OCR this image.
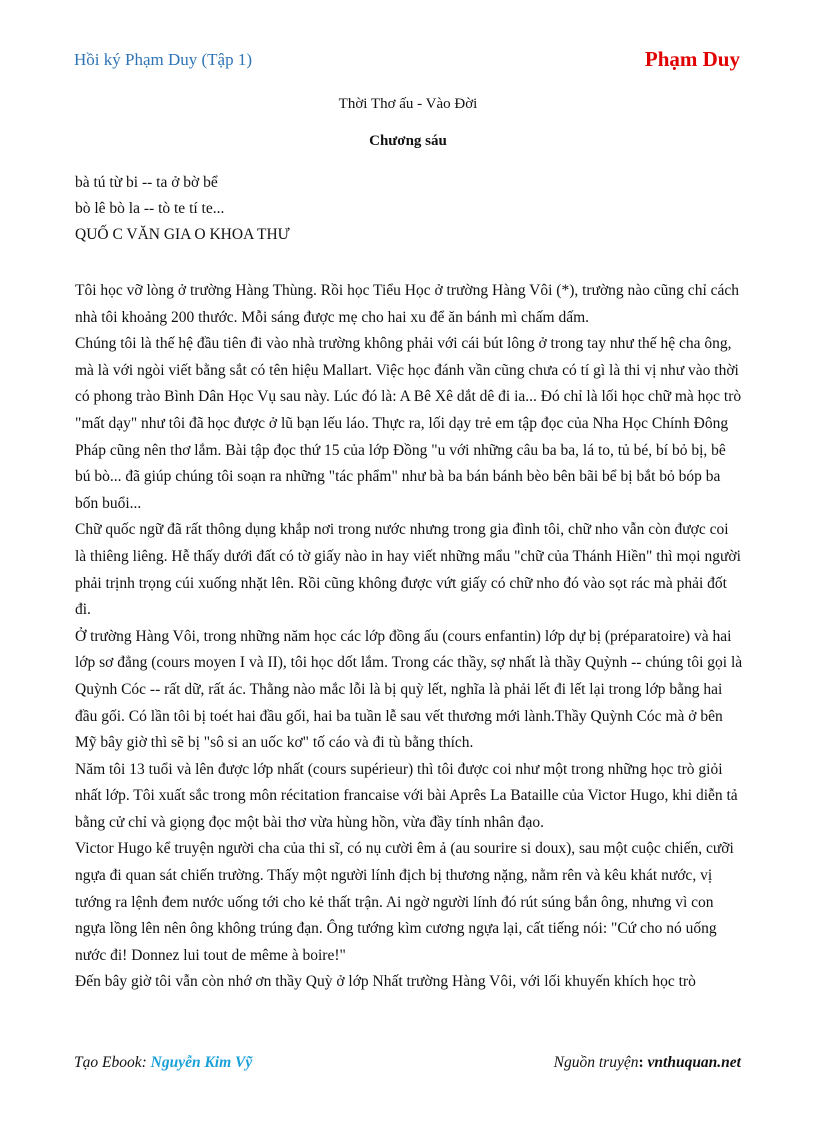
Hồi ký Phạm Duy (Tập 1)	Phạm Duy
Thời Thơ ấu - Vào Đời
Chương sáu
bà tú từ bi -- ta ở bờ bể
bò lê bò la -- tò te tí te...
QUỐ C VĂN GIA O KHOA THƯ

Tôi học vỡ lòng ở trường Hàng Thùng. Rồi học Tiểu Học ở trường Hàng Vôi (*), trường nào cũng chỉ cách nhà tôi khoảng 200 thước. Mỗi sáng được mẹ cho hai xu để ăn bánh mì chấm dấm.

Chúng tôi là thế hệ đầu tiên đi vào nhà trường không phải với cái bút lông ở trong tay như thế hệ cha ông, mà là với ngòi viết bằng sắt có tên hiệu Mallart. Việc học đánh vần cũng chưa có tí gì là thi vị như vào thời có phong trào Bình Dân Học Vụ sau này. Lúc đó là: A Bê Xê dắt dê đi ia... Đó chỉ là lối học chữ mà học trò "mất dạy" như tôi đã học được ở lũ bạn lếu láo. Thực ra, lối dạy trẻ em tập đọc của Nha Học Chính Đông Pháp cũng nên thơ lắm. Bài tập đọc thứ 15 của lớp Đồng "u với những câu ba ba, lá to, tủ bé, bí bỏ bị, bê bú bò... đã giúp chúng tôi soạn ra những "tác phẩm" như bà ba bán bánh bèo bên bãi bể bị bắt bỏ bóp ba bốn buổi...

Chữ quốc ngữ đã rất thông dụng khắp nơi trong nước nhưng trong gia đình tôi, chữ nho vẫn còn được coi là thiêng liêng. Hễ thấy dưới đất có tờ giấy nào in hay viết những mẩu "chữ của Thánh Hiền" thì mọi người phải trịnh trọng cúi xuống nhặt lên. Rồi cũng không được vứt giấy có chữ nho đó vào sọt rác mà phải đốt đi.

Ở trường Hàng Vôi, trong những năm học các lớp đồng ấu (cours enfantin) lớp dự bị (préparatoire) và hai lớp sơ đẳng (cours moyen I và II), tôi học dốt lắm. Trong các thầy, sợ nhất là thầy Quỳnh -- chúng tôi gọi là Quỳnh Cóc -- rất dữ, rất ác. Thằng nào mắc lỗi là bị quỳ lết, nghĩa là phải lết đi lết lại trong lớp bằng hai đầu gối. Có lần tôi bị toét hai đầu gối, hai ba tuần lễ sau vết thương mới lành.Thầy Quỳnh Cóc mà ở bên Mỹ bây giờ thì sẽ bị "sô si an uốc kơ" tố cáo và đi tù bằng thích.

Năm tôi 13 tuổi và lên được lớp nhất (cours supérieur) thì tôi được coi như một trong những học trò giỏi nhất lớp. Tôi xuất sắc trong môn récitation francaise với bài Aprês La Bataille của Victor Hugo, khi diễn tả bằng cử chỉ và giọng đọc một bài thơ vừa hùng hồn, vừa đầy tính nhân đạo.

Victor Hugo kể truyện người cha của thi sĩ, có nụ cười êm ả (au sourire si doux), sau một cuộc chiến, cưỡi ngựa đi quan sát chiến trường. Thấy một người lính địch bị thương nặng, nằm rên và kêu khát nước, vị tướng ra lệnh đem nước uống tới cho kẻ thất trận. Ai ngờ người lính đó rút súng bắn ông, nhưng vì con ngựa lồng lên nên ông không trúng đạn. Ông tướng kìm cương ngựa lại, cất tiếng nói: "Cứ cho nó uống nước đi! Donnez lui tout de même à boire!"

Đến bây giờ tôi vẫn còn nhớ ơn thầy Quỳ ở lớp Nhất trường Hàng Vôi, với lối khuyến khích học trò

Tạo Ebook: Nguyễn Kim Vỹ	Nguồn truyện: vnthuquan.net
